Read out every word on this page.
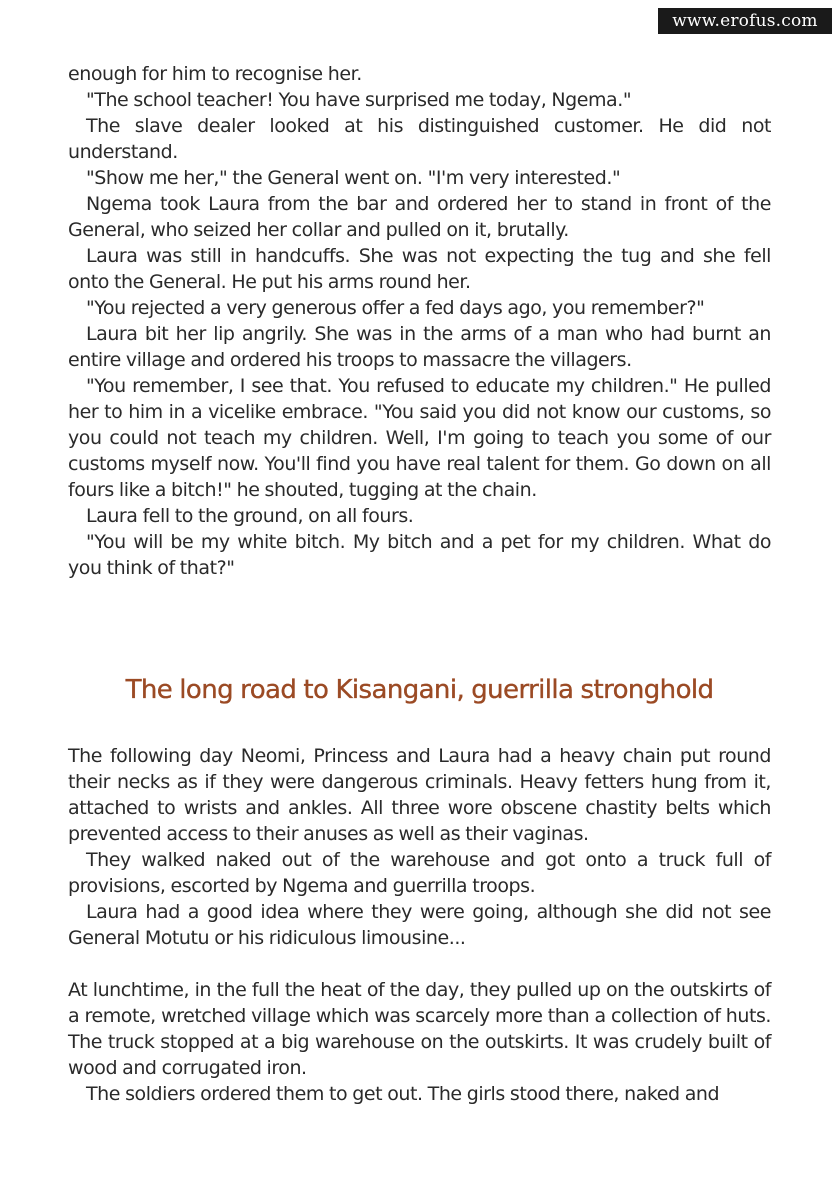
www.erofus.com

enough for him to recognise her.

"The school teacher! You have surprised me today, Ngema."

The slave dealer looked at his distinguished customer. He did not understand.

"Show me her," the General went on. "I'm very interested."

Ngema took Laura from the bar and ordered her to stand in front of the General, who seized her collar and pulled on it, brutally.

Laura was still in handcuffs. She was not expecting the tug and she fell onto the General. He put his arms round her.

"You rejected a very generous offer a fed days ago, you remember?"

Laura bit her lip angrily. She was in the arms of a man who had burnt an entire village and ordered his troops to massacre the villagers.

"You remember, I see that. You refused to educate my children." He pulled her to him in a vicelike embrace. "You said you did not know our customs, so you could not teach my children. Well, I'm going to teach you some of our customs myself now. You'll find you have real talent for them. Go down on all fours like a bitch!" he shouted, tugging at the chain.

Laura fell to the ground, on all fours.

"You will be my white bitch. My bitch and a pet for my children. What do you think of that?"

The long road to Kisangani, guerrilla stronghold

The following day Neomi, Princess and Laura had a heavy chain put round their necks as if they were dangerous criminals. Heavy fetters hung from it, attached to wrists and ankles. All three wore obscene chastity belts which prevented access to their anuses as well as their vaginas.

They walked naked out of the warehouse and got onto a truck full of provisions, escorted by Ngema and guerrilla troops.

Laura had a good idea where they were going, although she did not see General Motutu or his ridiculous limousine...

At lunchtime, in the full the heat of the day, they pulled up on the outskirts of a remote, wretched village which was scarcely more than a collection of huts. The truck stopped at a big warehouse on the outskirts. It was crudely built of wood and corrugated iron.

The soldiers ordered them to get out. The girls stood there, naked and
